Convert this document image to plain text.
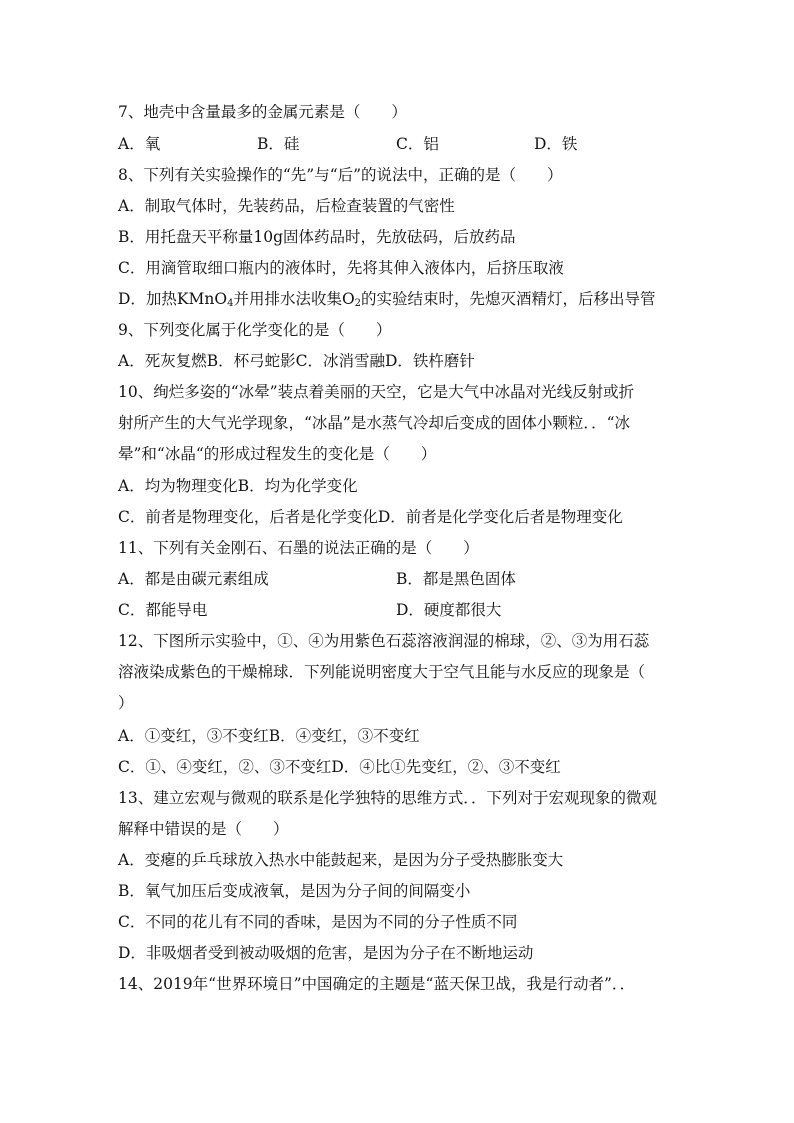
7、地壳中含量最多的金属元素是（　　）
A．氧	B．硅	C．铝	D．铁
8、下列有关实验操作的“先”与“后”的说法中，正确的是（　　）
A．制取气体时，先装药品，后检查装置的气密性
B．用托盘天平称量10g固体药品时，先放砝码，后放药品
C．用滴管取细口瓶内的液体时，先将其伸入液体内，后挤压取液
D．加热KMnO$_4$并用排水法收集$O_2$的实验结束时，先熄灭酒精灯，后移出导管
9、下列变化属于化学变化的是（　　）
A．死灰复燃B．杯弓蛇影C．冰消雪融D．铁杵磨针
10、绚烂多姿的“冰晕”装点着美丽的天空，它是大气中冰晶对光线反射或折
射所产生的大气光学现象，“冰晶”是水蒸气冷却后变成的固体小颗粒．．“冰
晕”和“冰晶“的形成过程发生的变化是（　　）
A．均为物理变化B．均为化学变化
C．前者是物理变化，后者是化学变化D．前者是化学变化后者是物理变化
11、下列有关金刚石、石墨的说法正确的是（　　）
A．都是由碳元素组成	B．都是黑色固体
C．都能导电	D．硬度都很大
12、下图所示实验中，①、④为用紫色石蕊溶液润湿的棉球，②、③为用石蕊
溶液染成紫色的干燥棉球．下列能说明密度大于空气且能与水反应的现象是（
）
A．①变红，③不变红B．④变红，③不变红
C．①、④变红，②、③不变红D．④比①先变红，②、③不变红
13、建立宏观与微观的联系是化学独特的思维方式．．下列对于宏观现象的微观
解释中错误的是（　　）
A．变瘪的乒乓球放入热水中能鼓起来，是因为分子受热膨胀变大
B．氧气加压后变成液氧，是因为分子间的间隔变小
C．不同的花儿有不同的香味，是因为不同的分子性质不同
D．非吸烟者受到被动吸烟的危害，是因为分子在不断地运动
14、2019年“世界环境日”中国确定的主题是“蓝天保卫战，我是行动者”．．
